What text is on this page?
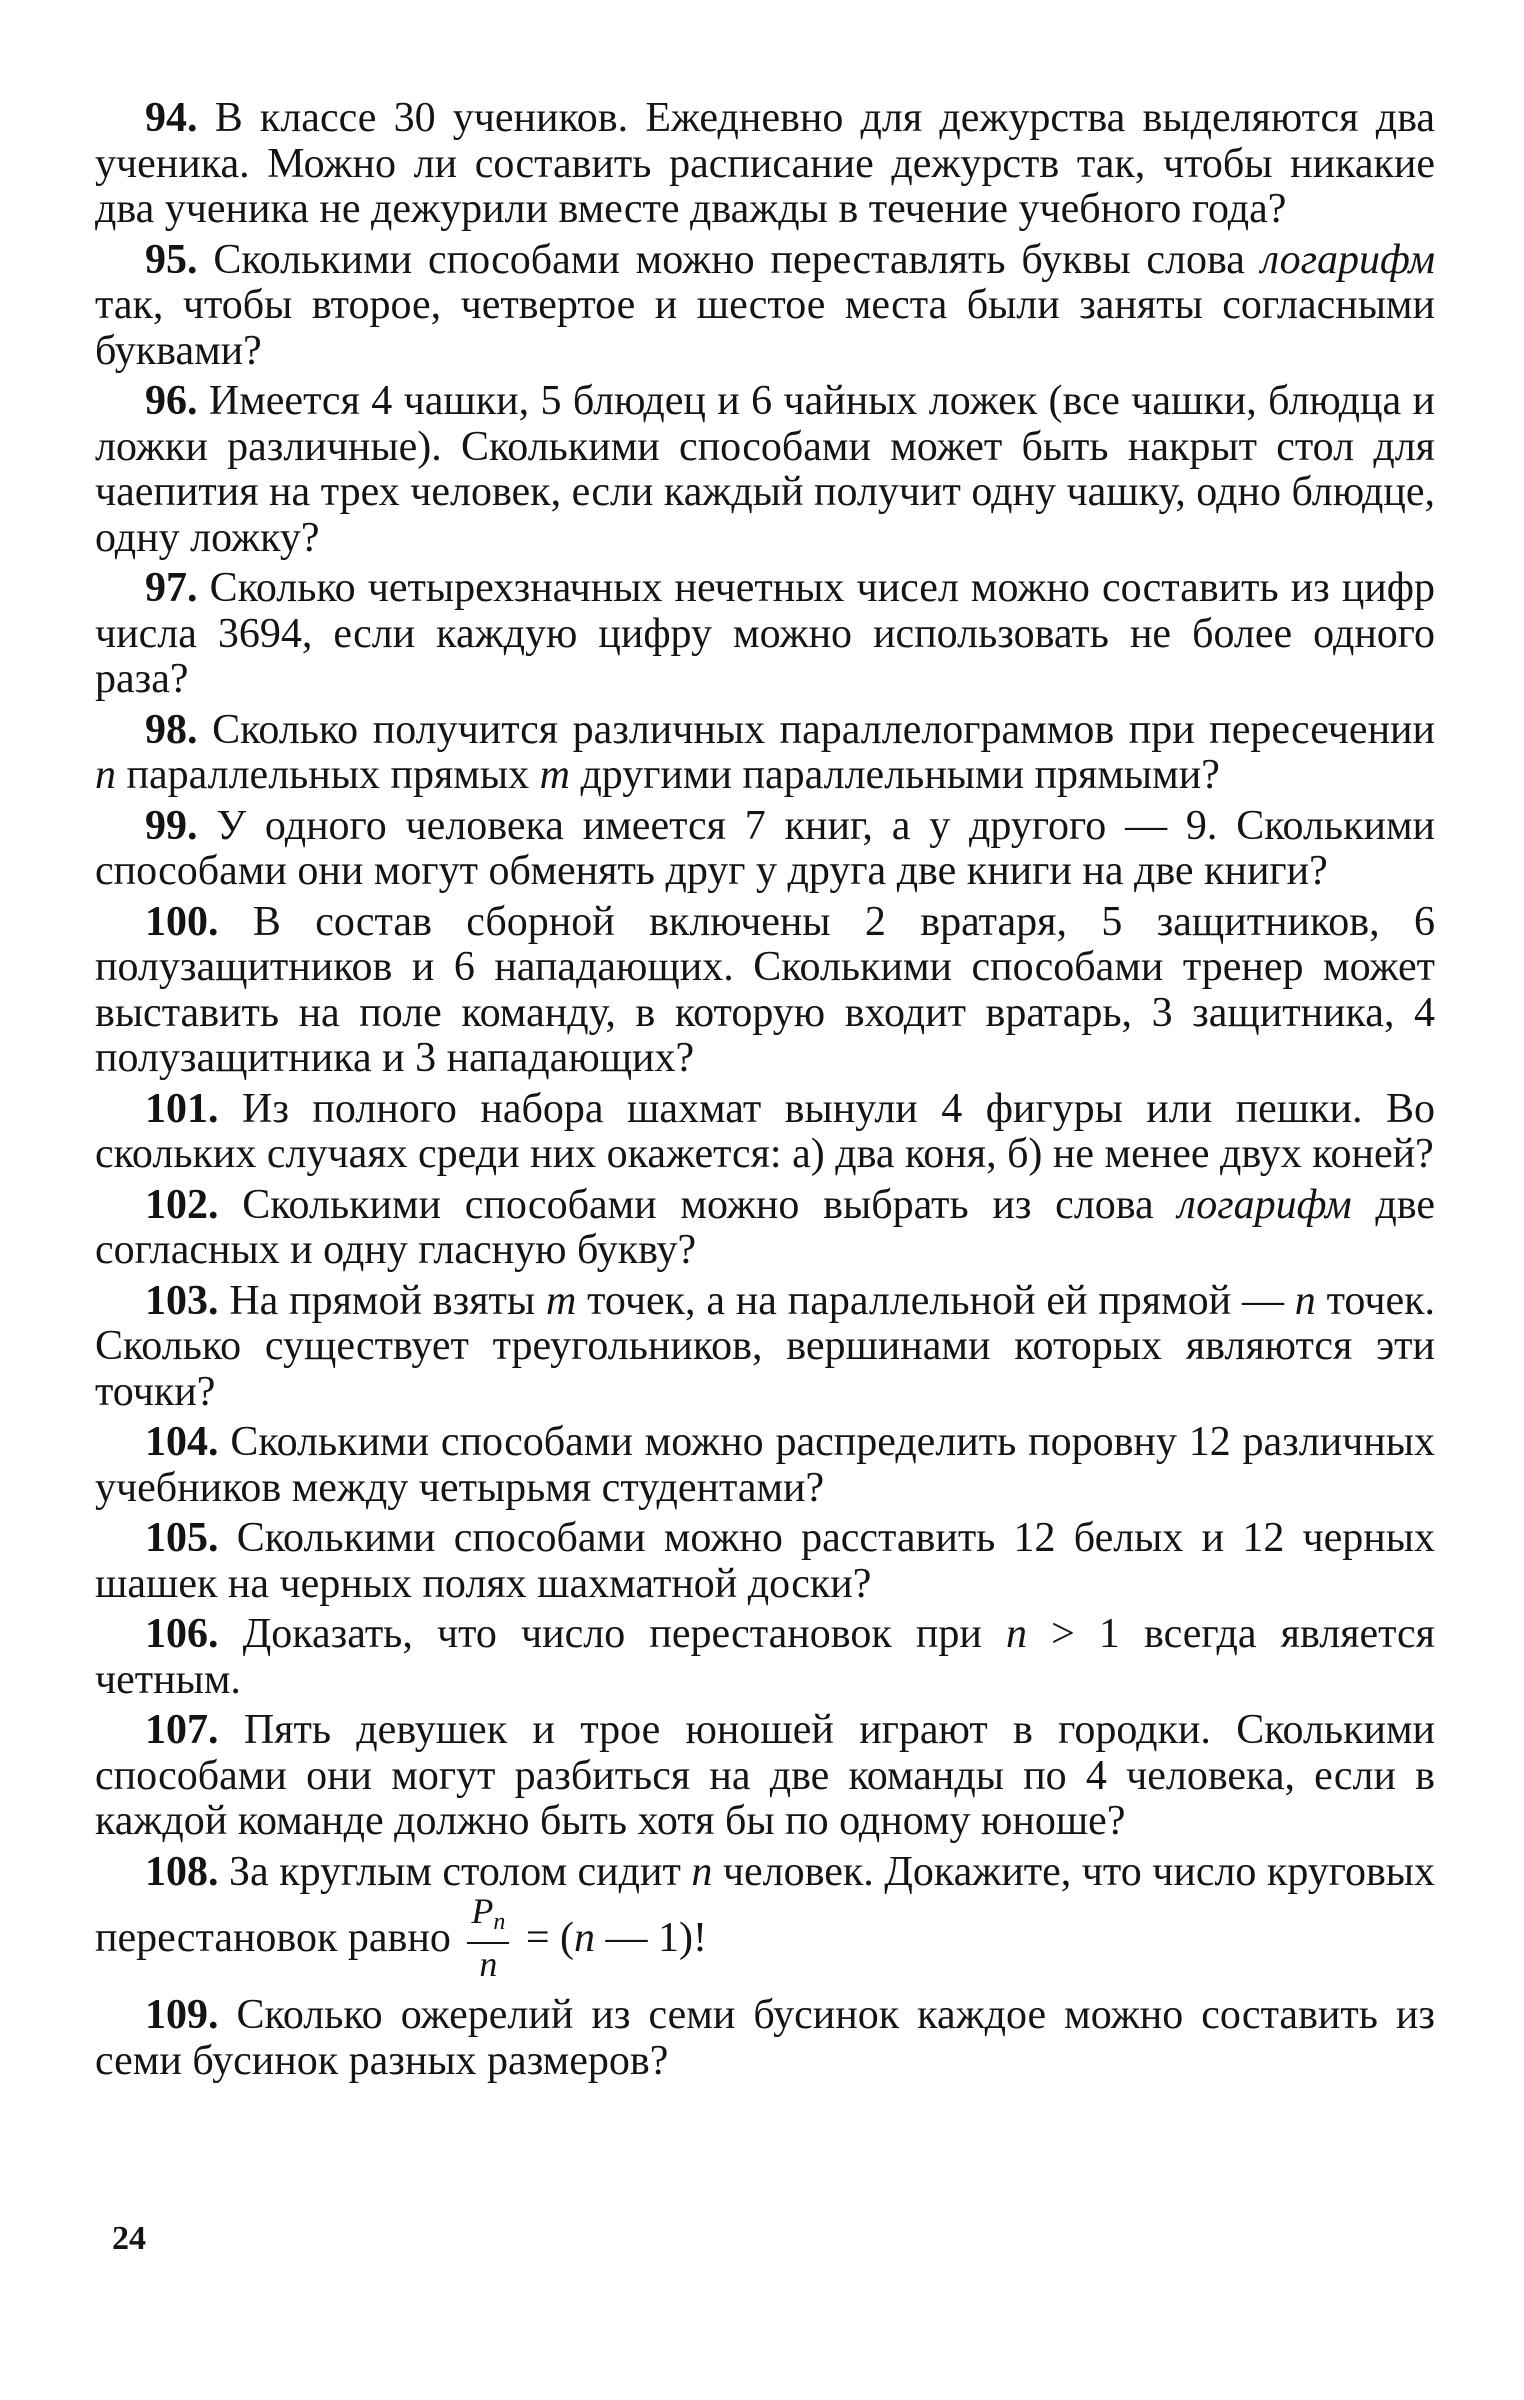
94. В классе 30 учеников. Ежедневно для дежурства выделяются два ученика. Можно ли составить расписание дежурств так, чтобы никакие два ученика не дежурили вместе дважды в течение учебного года?

95. Сколькими способами можно переставлять буквы слова логарифм так, чтобы второе, четвертое и шестое места были заняты согласными буквами?

96. Имеется 4 чашки, 5 блюдец и 6 чайных ложек (все чашки, блюдца и ложки различные). Сколькими способами может быть накрыт стол для чаепития на трех человек, если каждый получит одну чашку, одно блюдце, одну ложку?

97. Сколько четырехзначных нечетных чисел можно составить из цифр числа 3694, если каждую цифру можно использовать не более одного раза?

98. Сколько получится различных параллелограммов при пересечении n параллельных прямых m другими параллельными прямыми?

99. У одного человека имеется 7 книг, а у другого — 9. Сколькими способами они могут обменять друг у друга две книги на две книги?

100. В состав сборной включены 2 вратаря, 5 защитников, 6 полузащитников и 6 нападающих. Сколькими способами тренер может выставить на поле команду, в которую входит вратарь, 3 защитника, 4 полузащитника и 3 нападающих?

101. Из полного набора шахмат вынули 4 фигуры или пешки. Во скольких случаях среди них окажется: а) два коня, б) не менее двух коней?

102. Сколькими способами можно выбрать из слова логарифм две согласных и одну гласную букву?

103. На прямой взяты m точек, а на параллельной ей прямой — n точек. Сколько существует треугольников, вершинами которых являются эти точки?

104. Сколькими способами можно распределить поровну 12 различных учебников между четырьмя студентами?

105. Сколькими способами можно расставить 12 белых и 12 черных шашек на черных полях шахматной доски?

106. Доказать, что число перестановок при n > 1 всегда является четным.

107. Пять девушек и трое юношей играют в городки. Сколькими способами они могут разбиться на две команды по 4 человека, если в каждой команде должно быть хотя бы по одному юноше?

108. За круглым столом сидит n человек. Докажите, что число круговых перестановок равно $\frac{P_n}{n} = (n$ — 1)!

109. Сколько ожерелий из семи бусинок каждое можно составить из семи бусинок разных размеров?

24
